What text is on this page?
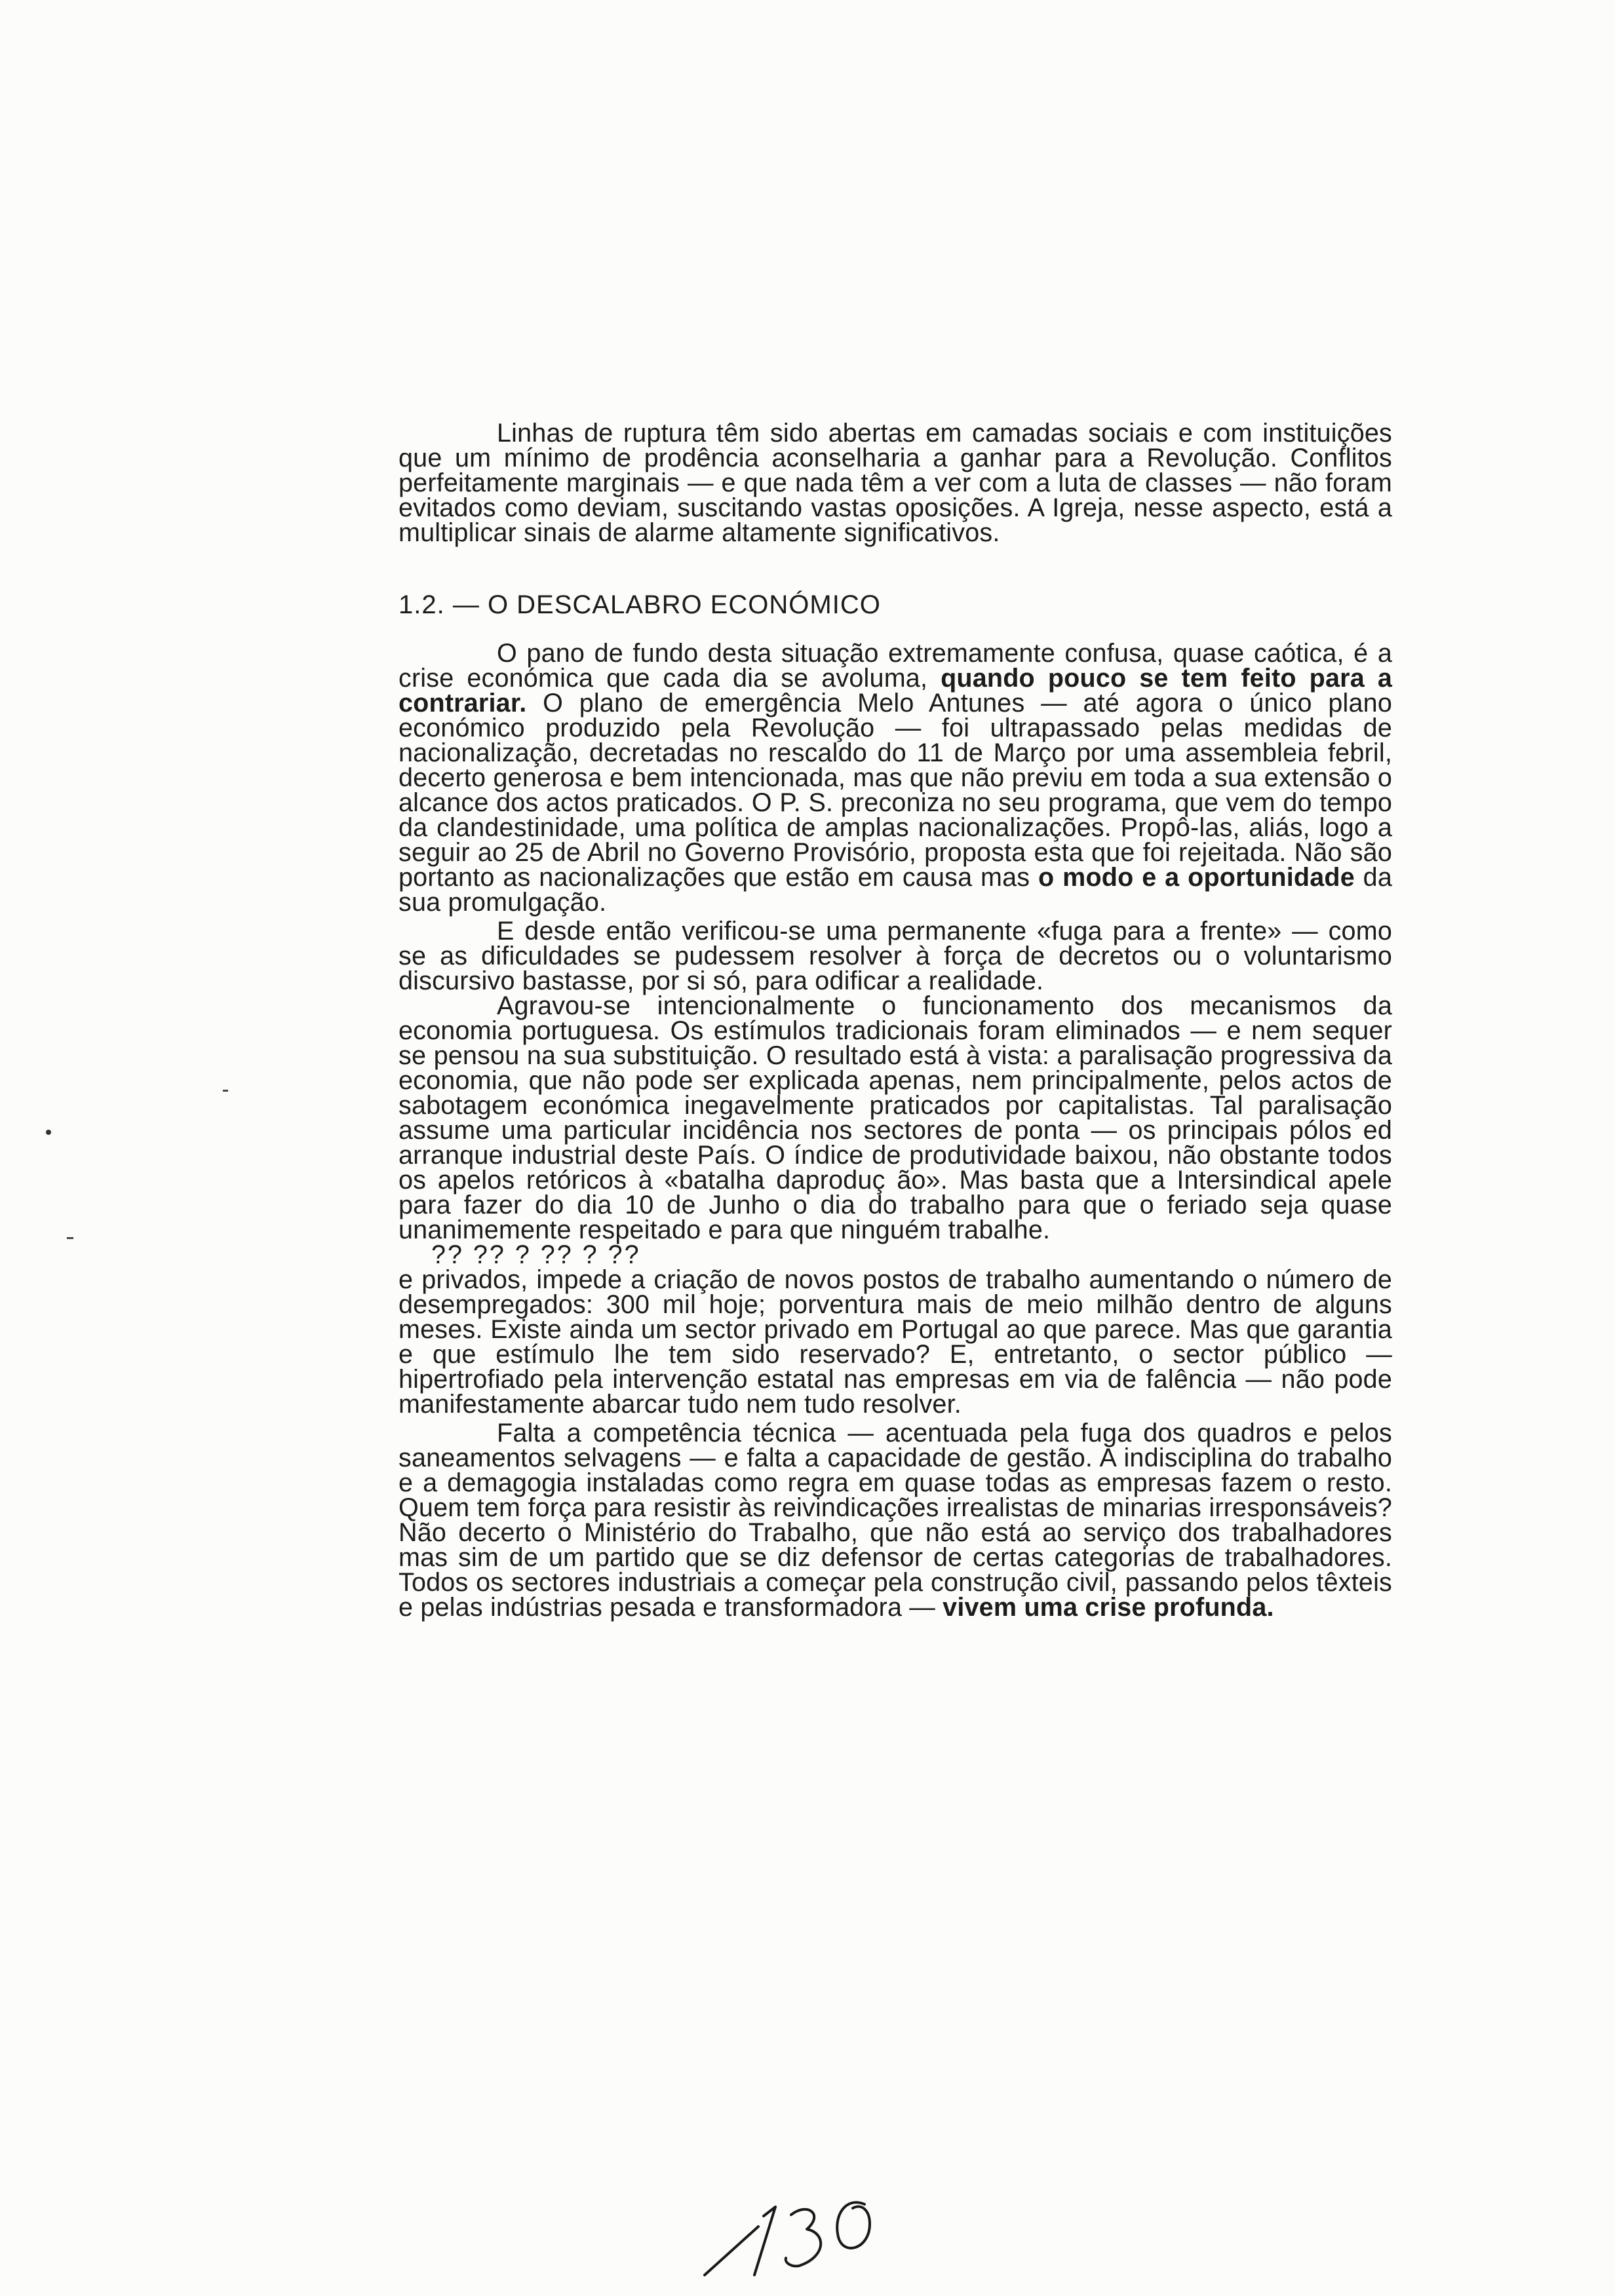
Linhas de ruptura têm sido abertas em camadas sociais e com instituições que um mínimo de prodência aconselharia a ganhar para a Revolução. Conflitos perfeitamente marginais — e que nada têm a ver com a luta de classes — não foram evitados como deviam, suscitando vastas oposições. A Igreja, nesse aspecto, está a multiplicar sinais de alarme altamente significativos.

1.2. — O DESCALABRO ECONÓMICO

O pano de fundo desta situação extremamente confusa, quase caótica, é a crise económica que cada dia se avoluma, quando pouco se tem feito para a contrariar. O plano de emergência Melo Antunes — até agora o único plano económico produzido pela Revolução — foi ultrapassado pelas medidas de nacionalização, decretadas no rescaldo do 11 de Março por uma assembleia febril, decerto generosa e bem intencionada, mas que não previu em toda a sua extensão o alcance dos actos praticados. O P. S. preconiza no seu programa, que vem do tempo da clandestinidade, uma política de amplas nacionalizações. Propô-las, aliás, logo a seguir ao 25 de Abril no Governo Provisório, proposta esta que foi rejeitada. Não são portanto as nacionalizações que estão em causa mas o modo e a oportunidade da sua promulgação.

E desde então verificou-se uma permanente «fuga para a frente» — como se as dificuldades se pudessem resolver à força de decretos ou o voluntarismo discursivo bastasse, por si só, para odificar a realidade.

Agravou-se intencionalmente o funcionamento dos mecanismos da economia portuguesa. Os estímulos tradicionais foram eliminados — e nem sequer se pensou na sua substituição. O resultado está à vista: a paralisação progressiva da economia, que não pode ser explicada apenas, nem principalmente, pelos actos de sabotagem económica inegavelmente praticados por capitalistas. Tal paralisação assume uma particular incidência nos sectores de ponta — os principais pólos ed arranque industrial deste País. O índice de produtividade baixou, não obstante todos os apelos retóricos à «batalha daproduç ão». Mas basta que a Intersindical apele para fazer do dia 10 de Junho o dia do trabalho para que o feriado seja quase unanimemente respeitado e para que ninguém trabalhe.

?? ?? ? ?? ? ??

e privados, impede a criação de novos postos de trabalho aumentando o número de desempregados: 300 mil hoje; porventura mais de meio milhão dentro de alguns meses. Existe ainda um sector privado em Portugal ao que parece. Mas que garantia e que estímulo lhe tem sido reservado? E, entretanto, o sector público — hipertrofiado pela intervenção estatal nas empresas em via de falência — não pode manifestamente abarcar tudo nem tudo resolver.

Falta a competência técnica — acentuada pela fuga dos quadros e pelos saneamentos selvagens — e falta a capacidade de gestão. A indisciplina do trabalho e a demagogia instaladas como regra em quase todas as empresas fazem o resto. Quem tem força para resistir às reivindicações irrealistas de minarias irresponsáveis? Não decerto o Ministério do Trabalho, que não está ao serviço dos trabalhadores mas sim de um partido que se diz defensor de certas categorias de trabalhadores. Todos os sectores industriais a começar pela construção civil, passando pelos têxteis e pelas indústrias pesada e transformadora — vivem uma crise profunda.
